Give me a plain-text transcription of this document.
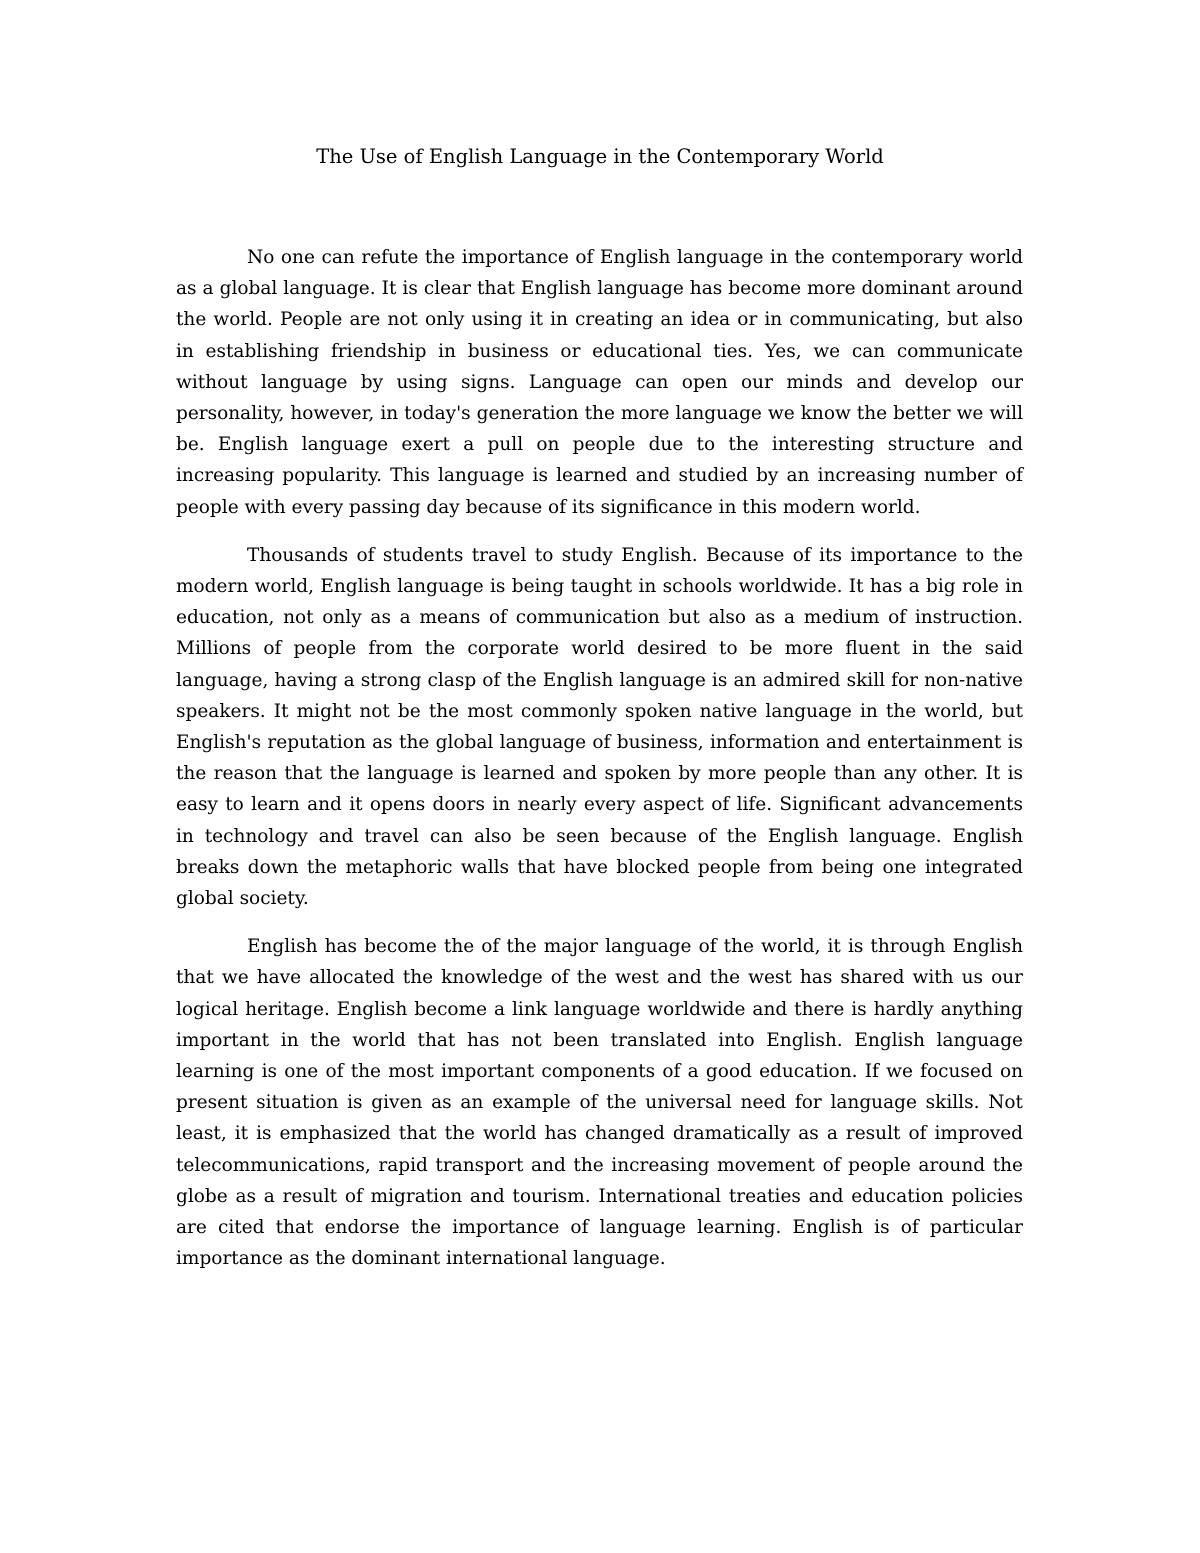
The Use of English Language in the Contemporary World

No one can refute the importance of English language in the contemporary world as a global language. It is clear that English language has become more dominant around the world. People are not only using it in creating an idea or in communicating, but also in establishing friendship in business or educational ties. Yes, we can communicate without language by using signs. Language can open our minds and develop our personality, however, in today's generation the more language we know the better we will be. English language exert a pull on people due to the interesting structure and increasing popularity. This language is learned and studied by an increasing number of people with every passing day because of its significance in this modern world.

Thousands of students travel to study English. Because of its importance to the modern world, English language is being taught in schools worldwide. It has a big role in education, not only as a means of communication but also as a medium of instruction. Millions of people from the corporate world desired to be more fluent in the said language, having a strong clasp of the English language is an admired skill for non-native speakers. It might not be the most commonly spoken native language in the world, but English's reputation as the global language of business, information and entertainment is the reason that the language is learned and spoken by more people than any other. It is easy to learn and it opens doors in nearly every aspect of life. Significant advancements in technology and travel can also be seen because of the English language. English breaks down the metaphoric walls that have blocked people from being one integrated global society.

English has become the of the major language of the world, it is through English that we have allocated the knowledge of the west and the west has shared with us our logical heritage. English become a link language worldwide and there is hardly anything important in the world that has not been translated into English. English language learning is one of the most important components of a good education. If we focused on present situation is given as an example of the universal need for language skills. Not least, it is emphasized that the world has changed dramatically as a result of improved telecommunications, rapid transport and the increasing movement of people around the globe as a result of migration and tourism. International treaties and education policies are cited that endorse the importance of language learning. English is of particular importance as the dominant international language.
